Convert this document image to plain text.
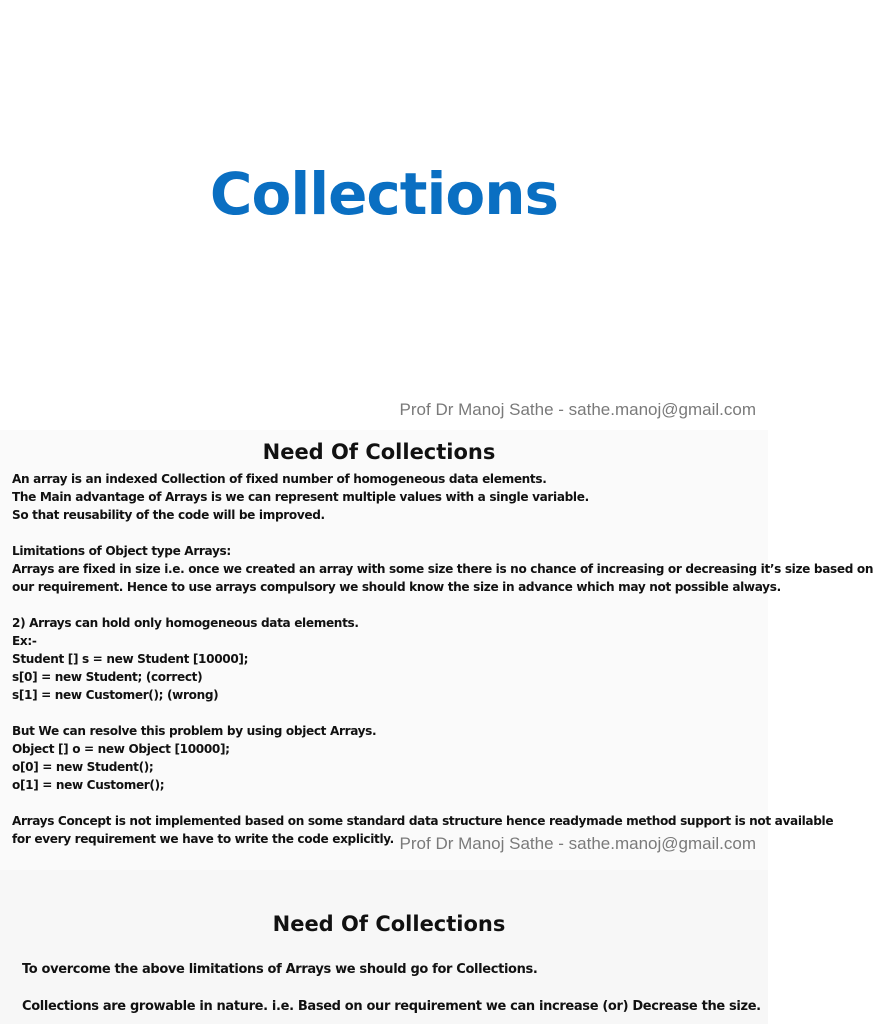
Collections
Prof Dr Manoj Sathe - sathe.manoj@gmail.com
Need Of Collections
An array is an indexed Collection of fixed number of homogeneous data elements.
The Main advantage of Arrays is we can represent multiple values with a single variable.
So that reusability of the code will be improved.
Limitations of Object type Arrays:
Arrays are fixed in size i.e. once we created an array with some size there is no chance of increasing or decreasing it’s size based on
our requirement. Hence to use arrays compulsory we should know the size in advance which may not possible always.
2) Arrays can hold only homogeneous data elements.
Ex:-
Student [] s = new Student [10000];
s[0] = new Student; (correct)
s[1] = new Customer(); (wrong)
But We can resolve this problem by using object Arrays.
Object [] o = new Object [10000];
o[0] = new Student();
o[1] = new Customer();
Arrays Concept is not implemented based on some standard data structure hence readymade method support is not available
for every requirement we have to write the code explicitly. Prof Dr Manoj Sathe - sathe.manoj@gmail.com
Need Of Collections
To overcome the above limitations of Arrays we should go for Collections.
Collections are growable in nature. i.e. Based on our requirement we can increase (or) Decrease the size.
